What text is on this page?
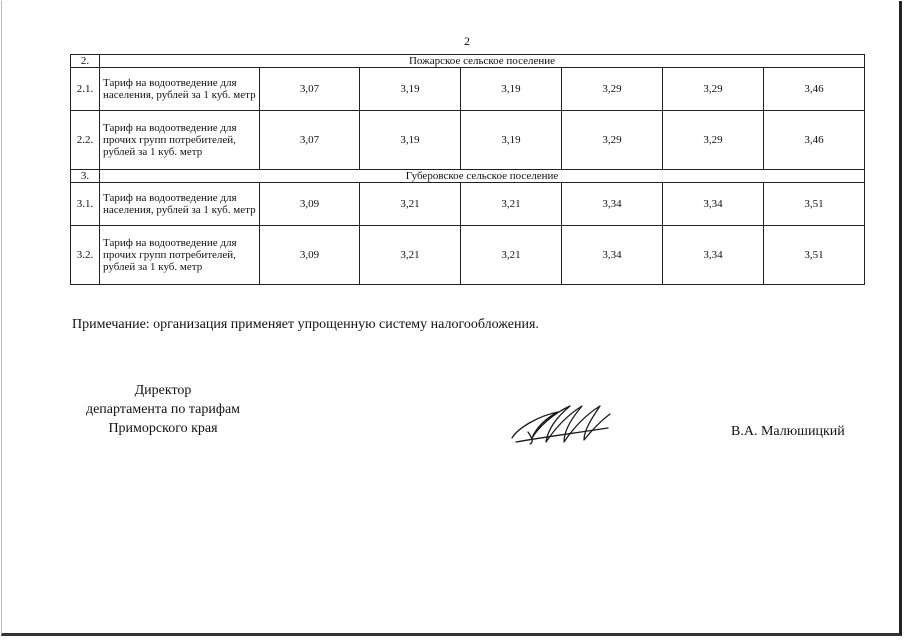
2
2.	Пожарское сельское поселение						
2.1.	Тариф на водоотведение для населения, рублей за 1 куб. метр	3,07	3,19	3,19	3,29	3,29	3,46
2.2.	Тариф на водоотведение для прочих групп потребителей, рублей за 1 куб. метр	3,07	3,19	3,19	3,29	3,29	3,46
3.	Губеровское сельское поселение						
3.1.	Тариф на водоотведение для населения, рублей за 1 куб. метр	3,09	3,21	3,21	3,34	3,34	3,51
3.2.	Тариф на водоотведение для прочих групп потребителей, рублей за 1 куб. метр	3,09	3,21	3,21	3,34	3,34	3,51
Примечание: организация применяет упрощенную систему налогообложения.
Директор
департамента по тарифам
Приморского края	В.А. Малюшицкий
